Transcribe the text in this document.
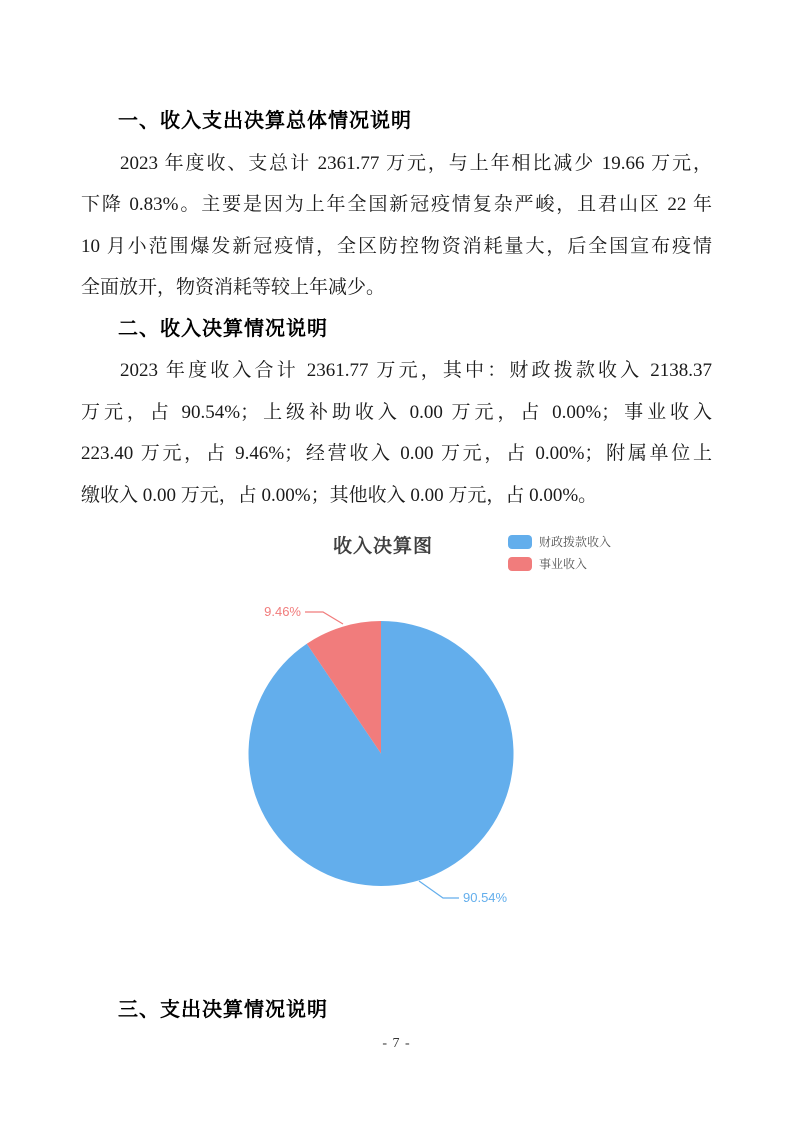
一、收入支出决算总体情况说明
2023 年度收、支总计 2361.77 万元，与上年相比减少 19.66 万元，
下降 0.83%。主要是因为上年全国新冠疫情复杂严峻，且君山区 22 年
10 月小范围爆发新冠疫情，全区防控物资消耗量大，后全国宣布疫情
全面放开，物资消耗等较上年减少。
二、收入决算情况说明
2023 年度收入合计 2361.77 万元，其中：财政拨款收入 2138.37
万元，占 90.54%；上级补助收入 0.00 万元，占 0.00%；事业收入
223.40 万元，占 9.46%；经营收入 0.00 万元，占 0.00%；附属单位上
缴收入 0.00 万元，占 0.00%；其他收入 0.00 万元，占 0.00%。
收入决算图	财政拨款收入
事业收入
9.46%
90.54%
三、支出决算情况说明
- 7 -
